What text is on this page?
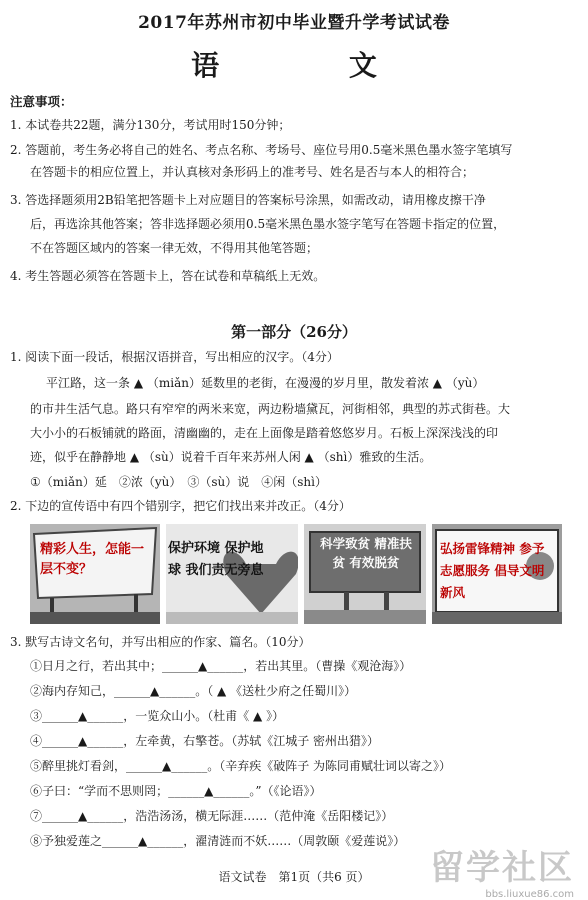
2017年苏州市初中毕业暨升学考试试卷
语 文
注意事项：
1. 本试卷共22题，满分130分，考试用时150分钟；
2. 答题前，考生务必将自己的姓名、考点名称、考场号、座位号用0.5毫米黑色墨水签字笔填写
在答题卡的相应位置上，并认真核对条形码上的准考号、姓名是否与本人的相符合；
3. 答选择题须用2B铅笔把答题卡上对应题目的答案标号涂黑，如需改动，请用橡皮擦干净
后，再选涂其他答案；答非选择题必须用0.5毫米黑色墨水签字笔写在答题卡指定的位置，
不在答题区域内的答案一律无效，不得用其他笔答题；
4. 考生答题必须答在答题卡上，答在试卷和草稿纸上无效。
第一部分（26分）
1. 阅读下面一段话，根据汉语拼音，写出相应的汉字。（4分）
平江路，这一条 ▲ （miǎn）延数里的老街，在漫漫的岁月里，散发着浓 ▲ （yù）
的市井生活气息。路只有窄窄的两米来宽，两边粉墙黛瓦，河街相邻，典型的苏式街巷。大
大小小的石板铺就的路面，清幽幽的，走在上面像是踏着悠悠岁月。石板上深深浅浅的印
迹，似乎在静静地 ▲ （sù）说着千百年来苏州人闲 ▲ （shì）雅致的生活。
①（miǎn）延　②浓（yù）　③（sù）说　④闲（shì）
2. 下边的宣传语中有四个错别字，把它们找出来并改正。（4分）
精彩人生，怎能一层不变？
保护环境 保护地球 我们责无旁息
科学致贫 精准扶贫 有效脱贫
弘扬雷锋精神 参予志愿服务 倡导文明新风
3. 默写古诗文名句，并写出相应的作家、篇名。（10分）
①日月之行，若出其中；______▲______，若出其里。（曹操《观沧海》）
②海内存知己，______▲______。（ ▲ 《送杜少府之任蜀川》）
③______▲______，一览众山小。（杜甫《 ▲ 》）
④______▲______，左牵黄，右擎苍。（苏轼《江城子 密州出猎》）
⑤醉里挑灯看剑，______▲______。（辛弃疾《破阵子 为陈同甫赋壮词以寄之》）
⑥子曰：“学而不思则罔；______▲______。”（《论语》）
⑦______▲______，浩浩汤汤，横无际涯……（范仲淹《岳阳楼记》）
⑧予独爱莲之______▲______，濯清涟而不妖……（周敦颐《爱莲说》）
语文试卷　第1页（共6 页）	留学社区
bbs.liuxue86.com
